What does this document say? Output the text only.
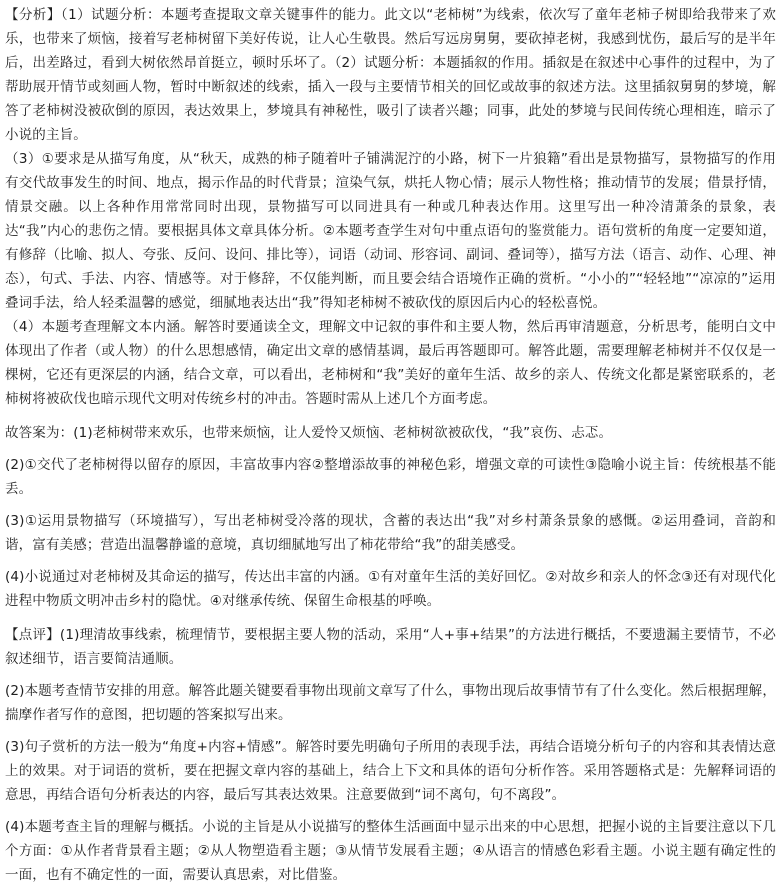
【分析】（1）试题分析：本题考查提取文章关键事件的能力。此文以“老柿树”为线索，依次写了童年老柿子树即给我带来了欢乐，也带来了烦恼，接着写老柿树留下美好传说，让人心生敬畏。然后写远房舅舅，要砍掉老树，我感到忧伤，最后写的是半年后，出差路过，看到大树依然昂首挺立，顿时乐坏了。（2）试题分析：本题插叙的作用。插叙是在叙述中心事件的过程中，为了帮助展开情节或刻画人物，暂时中断叙述的线索，插入一段与主要情节相关的回忆或故事的叙述方法。这里插叙舅舅的梦境，解答了老柿树没被砍倒的原因，表达效果上，梦境具有神秘性，吸引了读者兴趣；同事，此处的梦境与民间传统心理相连，暗示了小说的主旨。

（3）①要求是从描写角度，从“秋天，成熟的柿子随着叶子铺满泥泞的小路，树下一片狼籍”看出是景物描写，景物描写的作用有交代故事发生的时间、地点，揭示作品的时代背景；渲染气氛，烘托人物心情；展示人物性格；推动情节的发展；借景抒情，情景交融。以上各种作用常常同时出现，景物描写可以同进具有一种或几种表达作用。这里写出一种冷清萧条的景象，表达“我”内心的悲伤之情。要根据具体文章具体分析。②本题考查学生对句中重点语句的鉴赏能力。语句赏析的角度一定要知道，有修辞（比喻、拟人、夸张、反问、设问、排比等），词语（动词、形容词、副词、叠词等），描写方法（语言、动作、心理、神态），句式、手法、内容、情感等。对于修辞，不仅能判断，而且要会结合语境作正确的赏析。“小小的”“轻轻地”“凉凉的”运用叠词手法，给人轻柔温馨的感觉，细腻地表达出“我”得知老柿树不被砍伐的原因后内心的轻松喜悦。

（4）本题考查理解文本内涵。解答时要通读全文，理解文中记叙的事件和主要人物，然后再审清题意，分析思考，能明白文中体现出了作者（或人物）的什么思想感情，确定出文章的感情基调，最后再答题即可。解答此题，需要理解老柿树并不仅仅是一棵树，它还有更深层的内涵，结合文章，可以看出，老柿树和“我”美好的童年生活、故乡的亲人、传统文化都是紧密联系的，老柿树将被砍伐也暗示现代文明对传统乡村的冲击。答题时需从上述几个方面考虑。

故答案为：(1)老柿树带来欢乐，也带来烦恼，让人爱怜又烦恼、老柿树欲被砍伐，“我”哀伤、忐忑。

(2)①交代了老柿树得以留存的原因，丰富故事内容②整增添故事的神秘色彩，增强文章的可读性③隐喻小说主旨：传统根基不能丢。

(3)①运用景物描写（环境描写），写出老柿树受冷落的现状，含蓄的表达出“我”对乡村萧条景象的感慨。②运用叠词，音韵和谐，富有美感；营造出温馨静谧的意境，真切细腻地写出了柿花带给“我”的甜美感受。

(4)小说通过对老柿树及其命运的描写，传达出丰富的内涵。①有对童年生活的美好回忆。②对故乡和亲人的怀念③还有对现代化进程中物质文明冲击乡村的隐忧。④对继承传统、保留生命根基的呼唤。

【点评】(1)理清故事线索，梳理情节，要根据主要人物的活动，采用“人+事+结果”的方法进行概括，不要遗漏主要情节，不必叙述细节，语言要简洁通顺。

(2)本题考查情节安排的用意。解答此题关键要看事物出现前文章写了什么，事物出现后故事情节有了什么变化。然后根据理解，揣摩作者写作的意图，把切题的答案拟写出来。

(3)句子赏析的方法一般为“角度+内容+情感”。解答时要先明确句子所用的表现手法，再结合语境分析句子的内容和其表情达意上的效果。对于词语的赏析，要在把握文章内容的基础上，结合上下文和具体的语句分析作答。采用答题格式是：先解释词语的意思，再结合语句分析表达的内容，最后写其表达效果。注意要做到“词不离句，句不离段”。

(4)本题考查主旨的理解与概括。小说的主旨是从小说描写的整体生活画面中显示出来的中心思想，把握小说的主旨要注意以下几个方面：①从作者背景看主题；②从人物塑造看主题；③从情节发展看主题；④从语言的情感色彩看主题。小说主题有确定性的一面，也有不确定性的一面，需要认真思索，对比借鉴。
